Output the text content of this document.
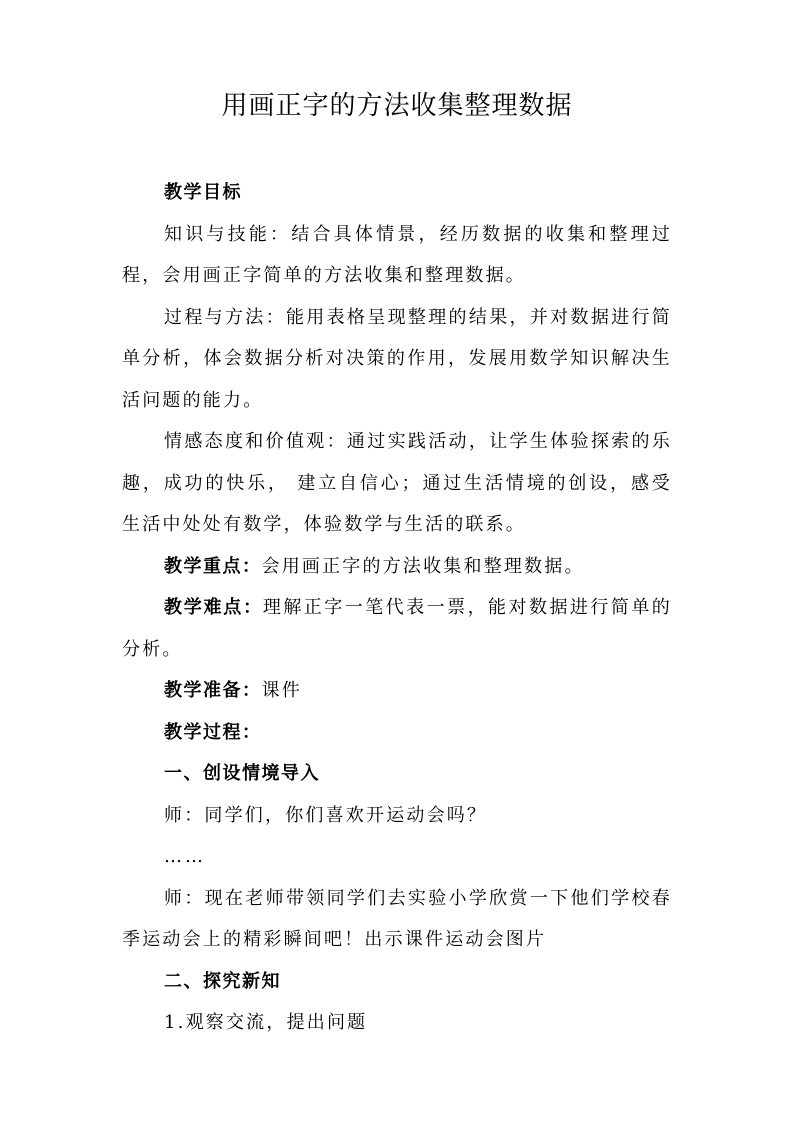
用画正字的方法收集整理数据

教学目标

知识与技能：结合具体情景，经历数据的收集和整理过程，会用画正字简单的方法收集和整理数据。

过程与方法：能用表格呈现整理的结果，并对数据进行简单分析，体会数据分析对决策的作用，发展用数学知识解决生活问题的能力。

情感态度和价值观：通过实践活动，让学生体验探索的乐趣，成功的快乐， 建立自信心；通过生活情境的创设，感受生活中处处有数学，体验数学与生活的联系。

教学重点：会用画正字的方法收集和整理数据。

教学难点：理解正字一笔代表一票，能对数据进行简单的分析。

教学准备：课件

教学过程：

一、创设情境导入

师：同学们，你们喜欢开运动会吗？

……

师：现在老师带领同学们去实验小学欣赏一下他们学校春季运动会上的精彩瞬间吧！出示课件运动会图片

二、探究新知

1.观察交流，提出问题
